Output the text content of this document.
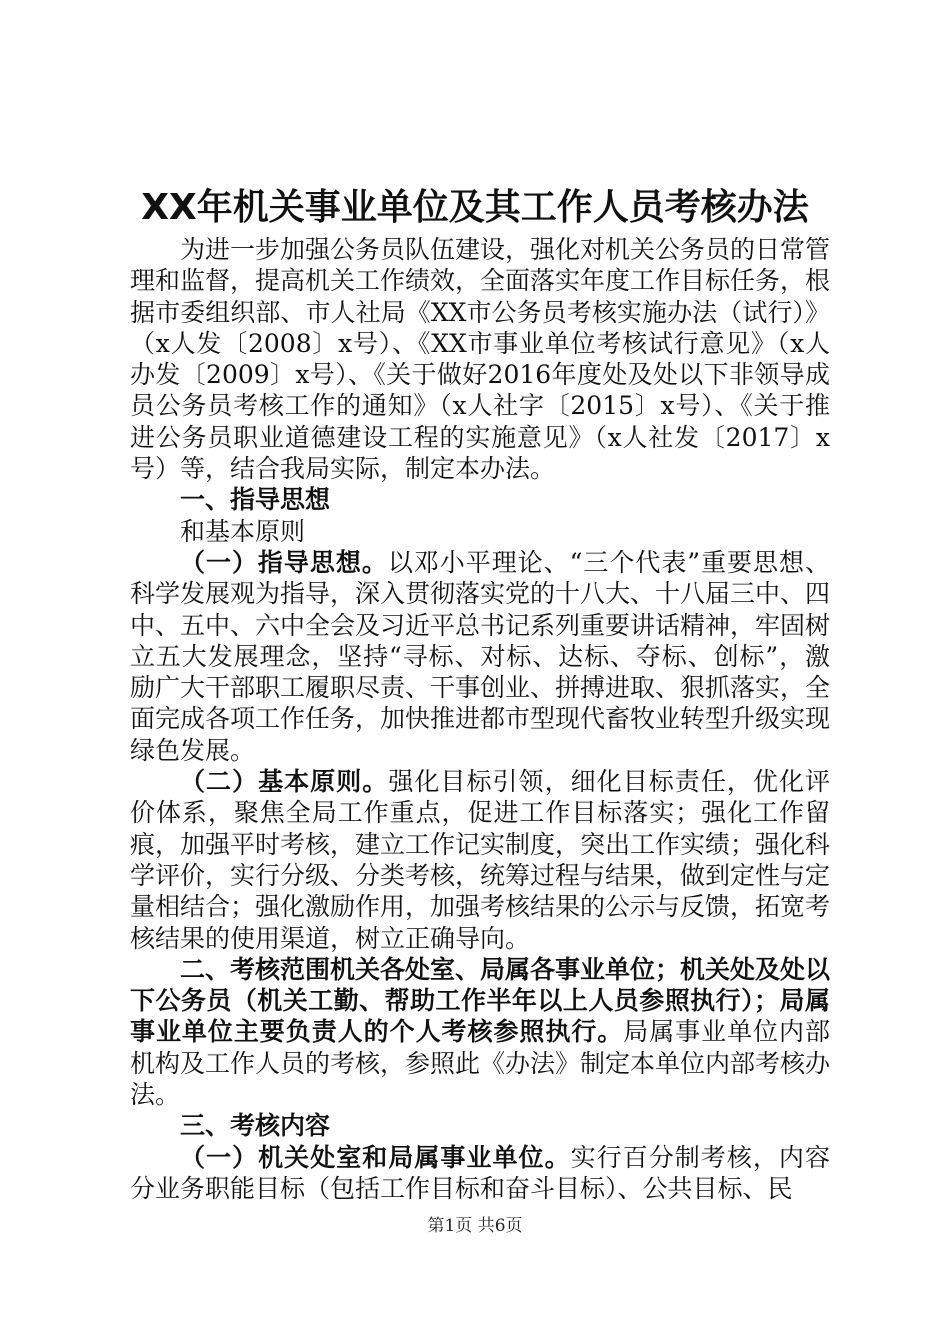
XX年机关事业单位及其工作人员考核办法

为进一步加强公务员队伍建设，强化对机关公务员的日常管理和监督，提高机关工作绩效，全面落实年度工作目标任务，根据市委组织部、市人社局《XX市公务员考核实施办法（试行）》（x人发〔2008〕x号）、《XX市事业单位考核试行意见》（x人办发〔2009〕x号）、《关于做好2016年度处及处以下非领导成员公务员考核工作的通知》（x人社字〔2015〕x号）、《关于推进公务员职业道德建设工程的实施意见》（x人社发〔2017〕x号）等，结合我局实际，制定本办法。

一、指导思想

和基本原则

（一）指导思想。以邓小平理论、“三个代表”重要思想、科学发展观为指导，深入贯彻落实党的十八大、十八届三中、四中、五中、六中全会及习近平总书记系列重要讲话精神，牢固树立五大发展理念，坚持“寻标、对标、达标、夺标、创标”，激励广大干部职工履职尽责、干事创业、拼搏进取、狠抓落实，全面完成各项工作任务，加快推进都市型现代畜牧业转型升级实现绿色发展。

（二）基本原则。强化目标引领，细化目标责任，优化评价体系，聚焦全局工作重点，促进工作目标落实；强化工作留痕，加强平时考核，建立工作记实制度，突出工作实绩；强化科学评价，实行分级、分类考核，统筹过程与结果，做到定性与定量相结合；强化激励作用，加强考核结果的公示与反馈，拓宽考核结果的使用渠道，树立正确导向。

二、考核范围机关各处室、局属各事业单位；机关处及处以下公务员（机关工勤、帮助工作半年以上人员参照执行）；局属事业单位主要负责人的个人考核参照执行。局属事业单位内部机构及工作人员的考核，参照此《办法》制定本单位内部考核办法。

三、考核内容

（一）机关处室和局属事业单位。实行百分制考核，内容分业务职能目标（包括工作目标和奋斗目标）、公共目标、民

第1页 共6页
